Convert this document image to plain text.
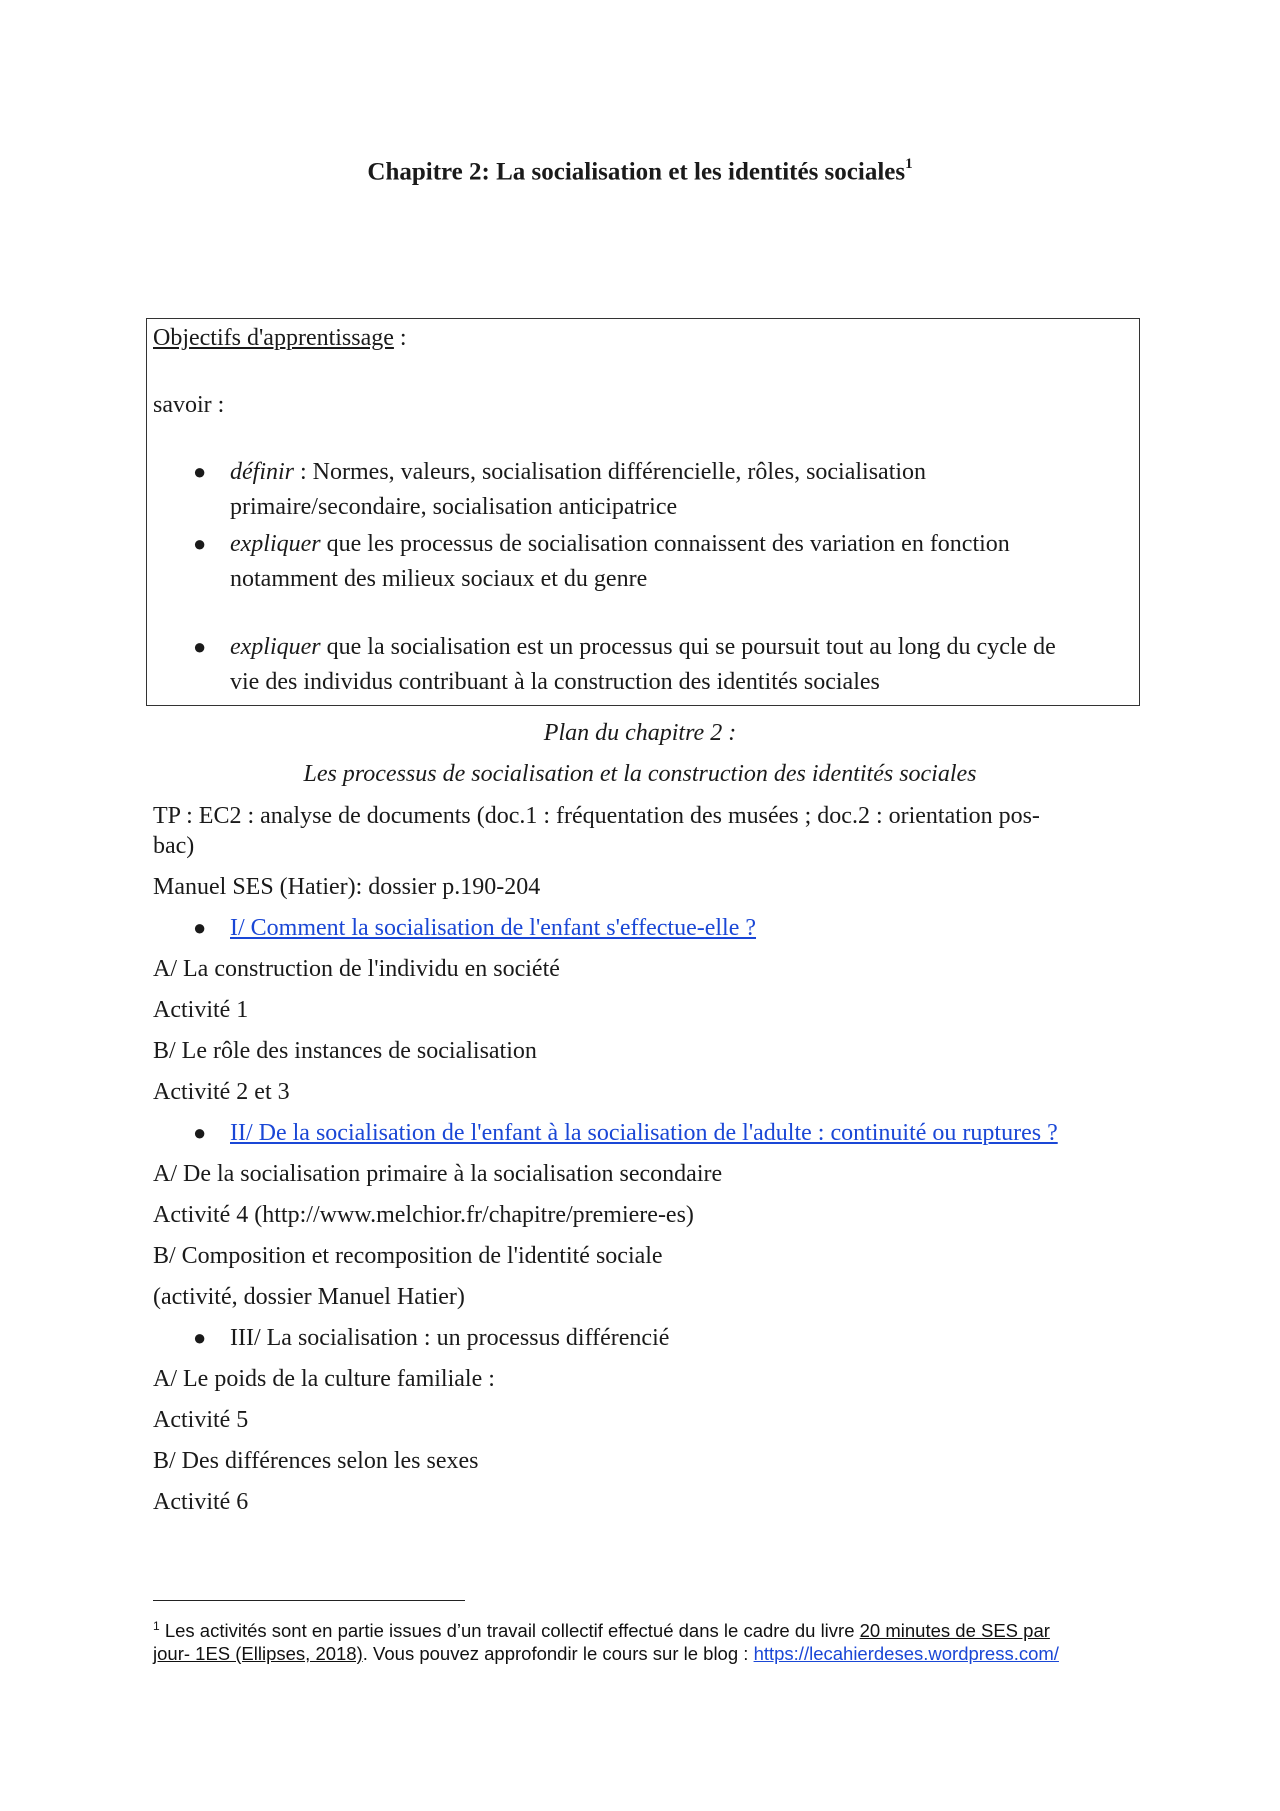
Chapitre 2: La socialisation et les identités sociales$^1$
Objectifs d'apprentissage :
savoir :
● définir : Normes, valeurs, socialisation différencielle, rôles, socialisation
primaire/secondaire, socialisation anticipatrice
● expliquer que les processus de socialisation connaissent des variation en fonction
notamment des milieux sociaux et du genre
● expliquer que la socialisation est un processus qui se poursuit tout au long du cycle de
vie des individus contribuant à la construction des identités sociales
Plan du chapitre 2 :
Les processus de socialisation et la construction des identités sociales
TP : EC2 : analyse de documents (doc.1 : fréquentation des musées ; doc.2 : orientation pos-
bac)
Manuel SES (Hatier): dossier p.190-204
● I/ Comment la socialisation de l'enfant s'effectue-elle ?
A/ La construction de l'individu en société
Activité 1
B/ Le rôle des instances de socialisation
Activité 2 et 3
● II/ De la socialisation de l'enfant à la socialisation de l'adulte : continuité ou ruptures ?
A/ De la socialisation primaire à la socialisation secondaire
Activité 4 (http://www.melchior.fr/chapitre/premiere-es)
B/ Composition et recomposition de l'identité sociale
(activité, dossier Manuel Hatier)
● III/ La socialisation : un processus différencié
A/ Le poids de la culture familiale :
Activité 5
B/ Des différences selon les sexes
Activité 6
$^1$ Les activités sont en partie issues d’un travail collectif effectué dans le cadre du livre 20 minutes de SES par
jour- 1ES (Ellipses, 2018). Vous pouvez approfondir le cours sur le blog : https://lecahierdeses.wordpress.com/
